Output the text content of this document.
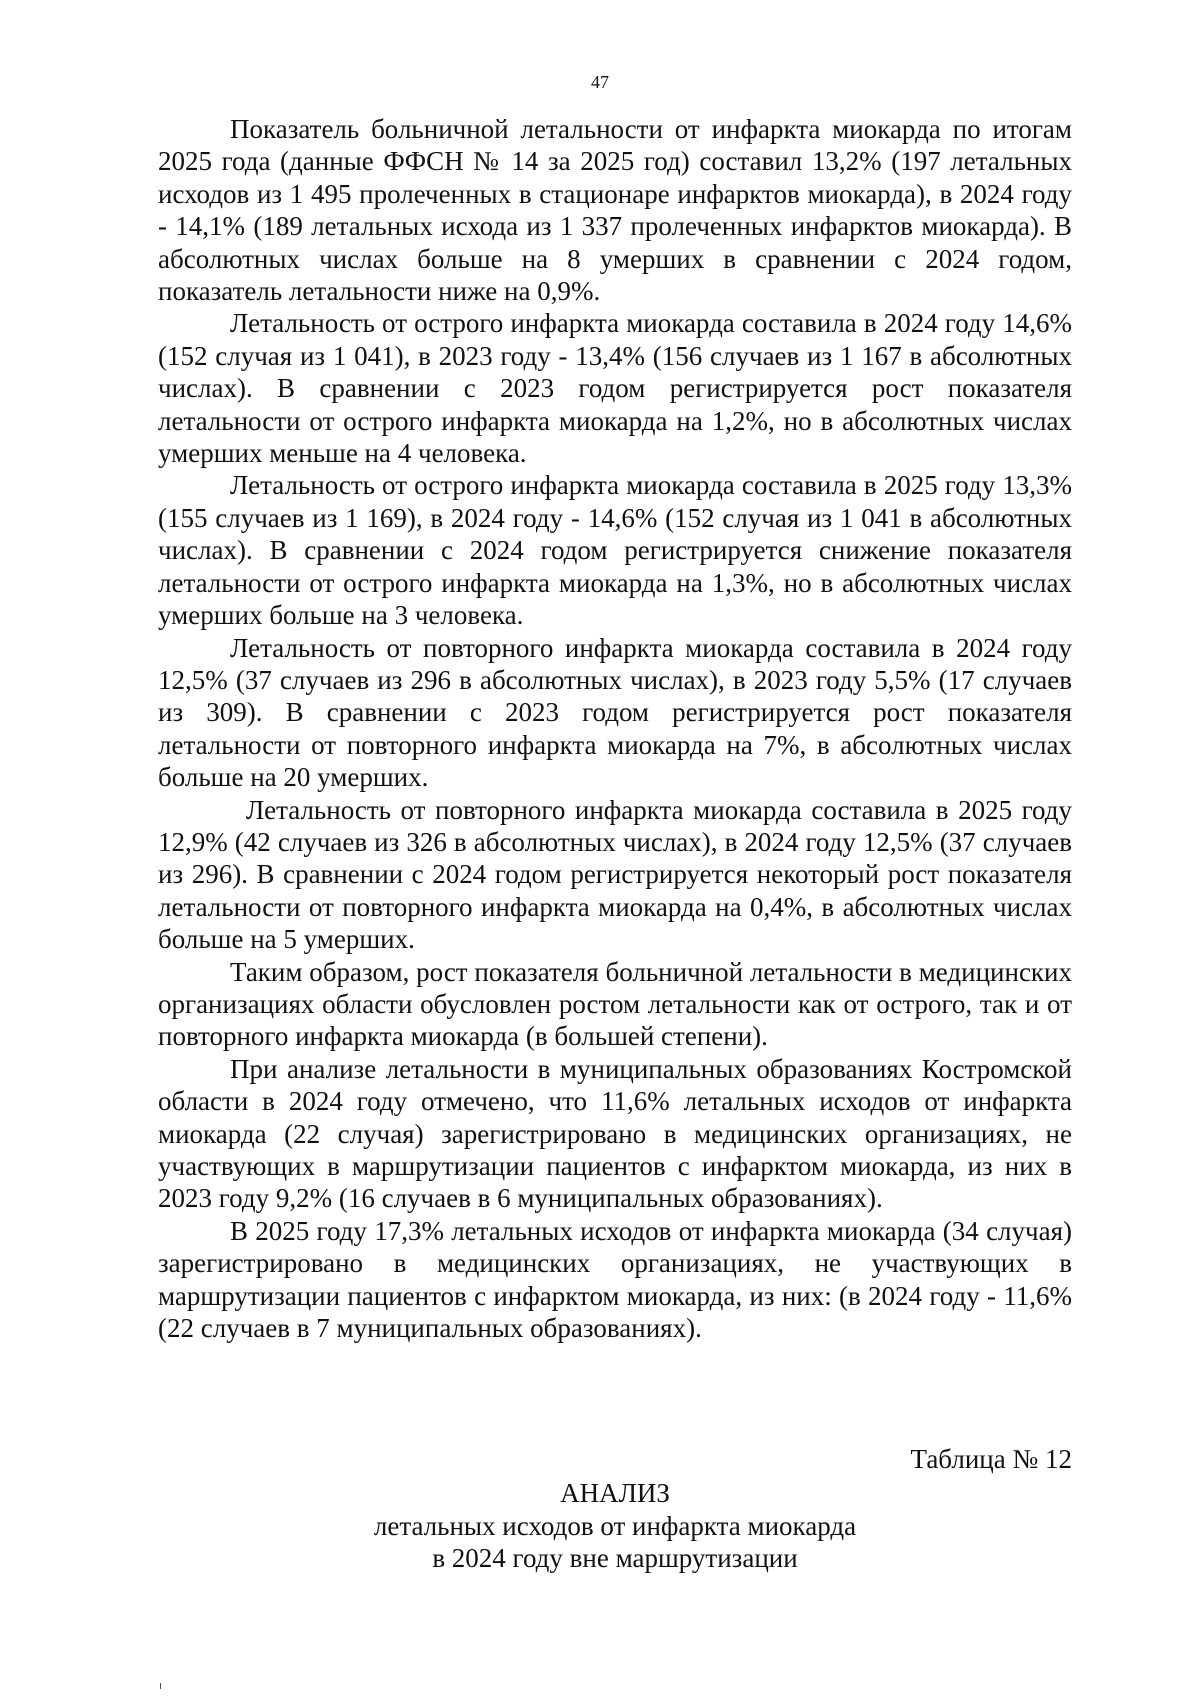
47

Показатель больничной летальности от инфаркта миокарда по итогам 2025 года (данные ФФСН № 14 за 2025 год) составил 13,2% (197 летальных исходов из 1 495 пролеченных в стационаре инфарктов миокарда), в 2024 году - 14,1% (189 летальных исхода из 1 337 пролеченных инфарктов миокарда). В абсолютных числах больше на 8 умерших в сравнении с 2024 годом, показатель летальности ниже на 0,9%.

Летальность от острого инфаркта миокарда составила в 2024 году 14,6% (152 случая из 1 041), в 2023 году - 13,4% (156 случаев из 1 167 в абсолютных числах). В сравнении с 2023 годом регистрируется рост показателя летальности от острого инфаркта миокарда на 1,2%, но в абсолютных числах умерших меньше на 4 человека.

Летальность от острого инфаркта миокарда составила в 2025 году 13,3% (155 случаев из 1 169), в 2024 году - 14,6% (152 случая из 1 041 в абсолютных числах). В сравнении с 2024 годом регистрируется снижение показателя летальности от острого инфаркта миокарда на 1,3%, но в абсолютных числах умерших больше на 3 человека.

Летальность от повторного инфаркта миокарда составила в 2024 году 12,5% (37 случаев из 296 в абсолютных числах), в 2023 году 5,5% (17 случаев из 309). В сравнении с 2023 годом регистрируется рост показателя летальности от повторного инфаркта миокарда на 7%, в абсолютных числах больше на 20 умерших.

Летальность от повторного инфаркта миокарда составила в 2025 году 12,9% (42 случаев из 326 в абсолютных числах), в 2024 году 12,5% (37 случаев из 296). В сравнении с 2024 годом регистрируется некоторый рост показателя летальности от повторного инфаркта миокарда на 0,4%, в абсолютных числах больше на 5 умерших.

Таким образом, рост показателя больничной летальности в медицинских организациях области обусловлен ростом летальности как от острого, так и от повторного инфаркта миокарда (в большей степени).

При анализе летальности в муниципальных образованиях Костромской области в 2024 году отмечено, что 11,6% летальных исходов от инфаркта миокарда (22 случая) зарегистрировано в медицинских организациях, не участвующих в маршрутизации пациентов с инфарктом миокарда, из них в 2023 году 9,2% (16 случаев в 6 муниципальных образованиях).

В 2025 году 17,3% летальных исходов от инфаркта миокарда (34 случая) зарегистрировано в медицинских организациях, не участвующих в маршрутизации пациентов с инфарктом миокарда, из них: (в 2024 году - 11,6% (22 случаев в 7 муниципальных образованиях).

Таблица № 12
АНАЛИЗ
летальных исходов от инфаркта миокарда
в 2024 году вне маршрутизации
